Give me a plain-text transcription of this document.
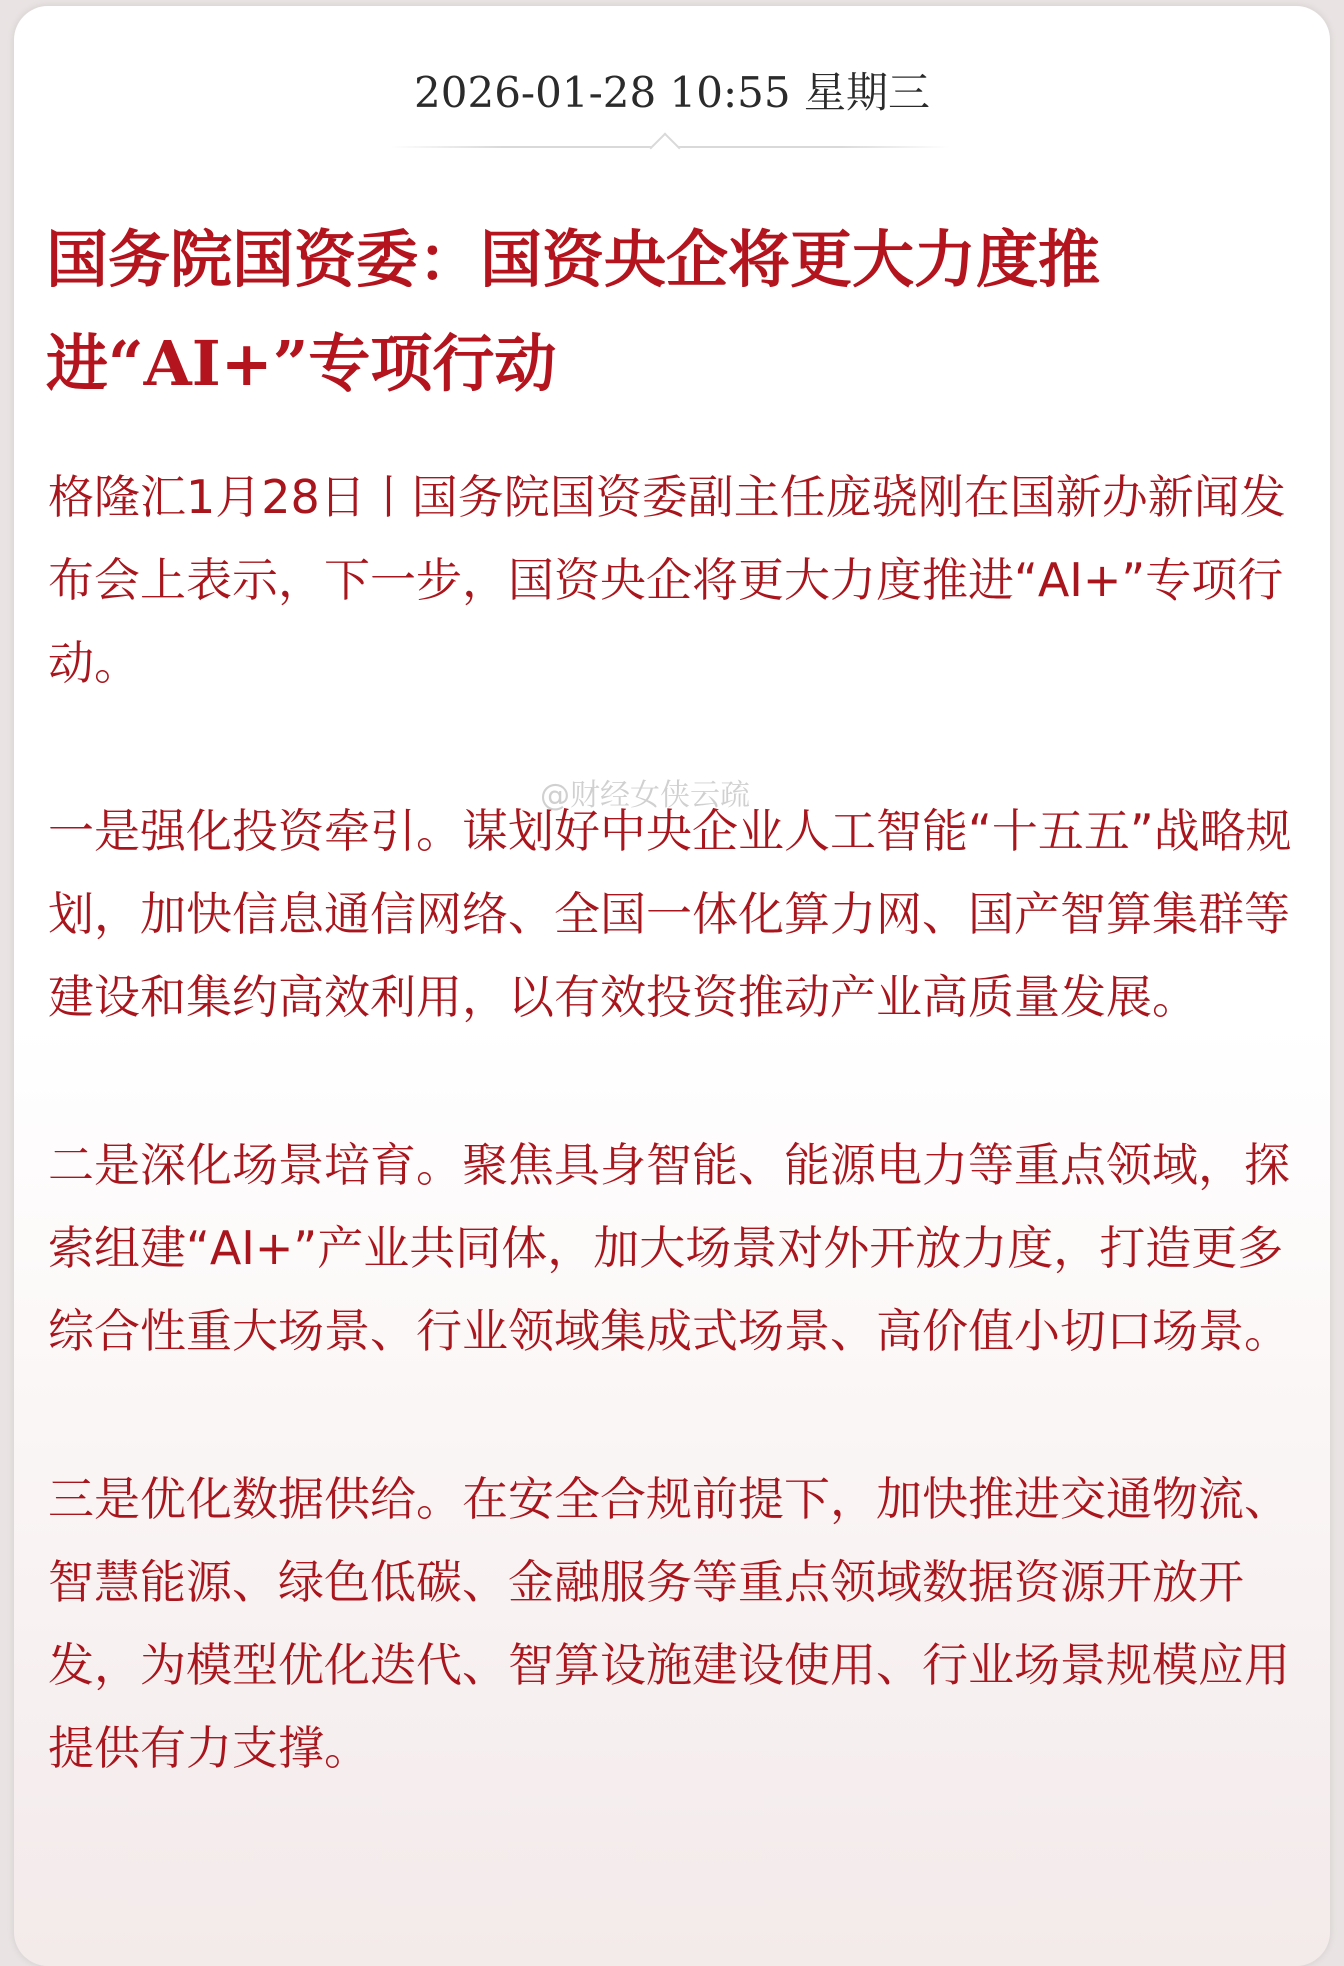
2026-01-28 10:55 星期三
国务院国资委：国资央企将更大力度推进“AI+”专项行动

格隆汇1月28日丨国务院国资委副主任庞骁刚在国新办新闻发布会上表示，下一步，国资央企将更大力度推进“AI+”专项行动。

一是强化投资牵引。谋划好中央企业人工智能“十五五”战略规划，加快信息通信网络、全国一体化算力网、国产智算集群等建设和集约高效利用，以有效投资推动产业高质量发展。

二是深化场景培育。聚焦具身智能、能源电力等重点领域，探索组建“AI+”产业共同体，加大场景对外开放力度，打造更多综合性重大场景、行业领域集成式场景、高价值小切口场景。

三是优化数据供给。在安全合规前提下，加快推进交通物流、智慧能源、绿色低碳、金融服务等重点领域数据资源开放开发，为模型优化迭代、智算设施建设使用、行业场景规模应用提供有力支撑。

@财经女侠云疏
